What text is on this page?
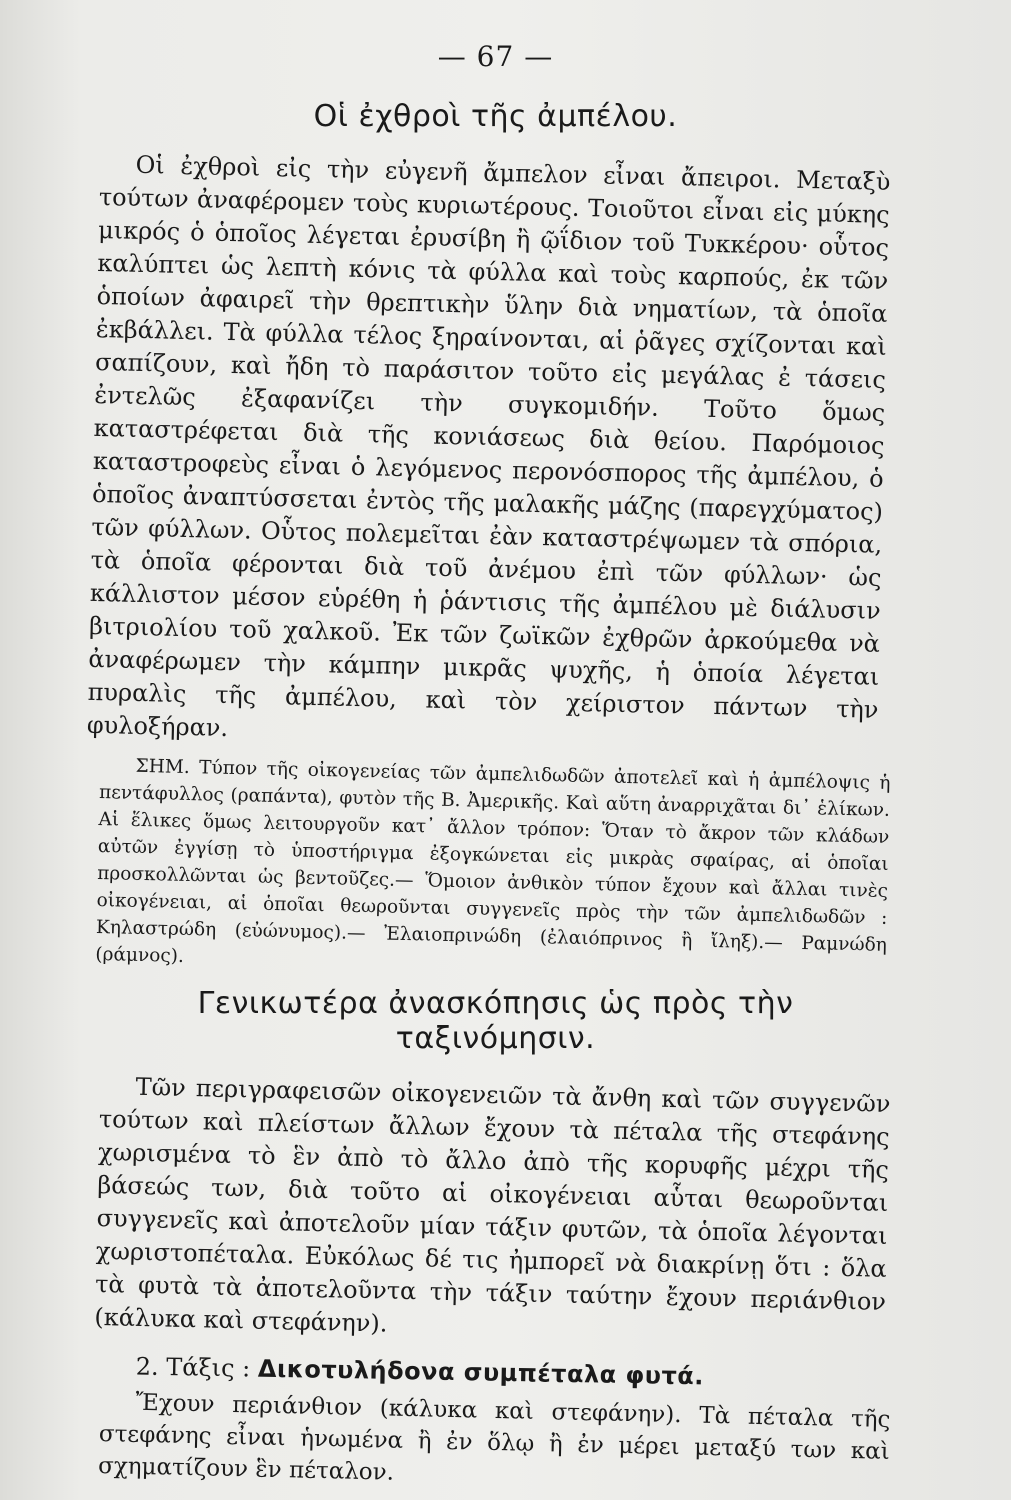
— 67 —
Οἱ ἐχθροὶ τῆς ἀμπέλου.

Οἱ ἐχθροὶ εἰς τὴν εὐγενῆ ἄμπελον εἶναι ἄπειροι. Μεταξὺ τούτων ἀναφέρομεν τοὺς κυριωτέρους. Τοιοῦτοι εἶναι εἰς μύκης μικρός ὁ ὁποῖος λέγεται ἐρυσίβη ἢ ῷΐδιον τοῦ Τυκκέρου· οὗτος καλύπτει ὡς λεπτὴ κόνις τὰ φύλλα καὶ τοὺς καρπούς, ἐκ τῶν ὁποίων ἀφαιρεῖ τὴν θρεπτικὴν ὕλην διὰ νηματίων, τὰ ὁποῖα ἐκβάλλει. Τὰ φύλλα τέλος ξηραίνονται, αἱ ῥᾶγες σχίζονται καὶ σαπίζουν, καὶ ἤδη τὸ παράσιτον τοῦτο εἰς μεγάλας ἐ τάσεις ἐντελῶς ἐξαφανίζει τὴν συγκομιδήν. Τοῦτο ὅμως καταστρέφεται διὰ τῆς κονιάσεως διὰ θείου. Παρόμοιος καταστροφεὺς εἶναι ὁ λεγόμενος περονόσπορος τῆς ἀμπέλου, ὁ ὁποῖος ἀναπτύσσεται ἐντὸς τῆς μαλακῆς μάζης (παρεγχύματος) τῶν φύλλων. Οὗτος πολεμεῖται ἐὰν καταστρέψωμεν τὰ σπόρια, τὰ ὁποῖα φέρονται διὰ τοῦ ἀνέμου ἐπὶ τῶν φύλλων· ὡς κάλλιστον μέσον εὑρέθη ἡ ῥάντισις τῆς ἀμπέλου μὲ διάλυσιν βιτριολίου τοῦ χαλκοῦ. Ἐκ τῶν ζωϊκῶν ἐχθρῶν ἀρκούμεθα νὰ ἀναφέρωμεν τὴν κάμπην μικρᾶς ψυχῆς, ἡ ὁποία λέγεται πυραλὶς τῆς ἀμπέλου, καὶ τὸν χείριστον πάντων τὴν φυλοξήραν.

ΣΗΜ. Τύπον τῆς οἰκογενείας τῶν ἀμπελιδωδῶν ἀποτελεῖ καὶ ἡ ἀμπέλοψις ἡ πεντάφυλλος (ραπάντα), φυτὸν τῆς Β. Ἀμερικῆς. Καὶ αὕτη ἀναρριχᾶται δι᾽ ἑλίκων. Αἱ ἕλικες ὅμως λειτουργοῦν κατ᾽ ἄλλον τρόπον: Ὅταν τὸ ἄκρον τῶν κλάδων αὐτῶν ἐγγίσῃ τὸ ὑποστήριγμα ἐξογκώνεται εἰς μικρὰς σφαίρας, αἱ ὁποῖαι προσκολλῶνται ὡς βεντοῦζες.— Ὅμοιον ἀνθικὸν τύπον ἔχουν καὶ ἄλλαι τινὲς οἰκογένειαι, αἱ ὁποῖαι θεωροῦνται συγγενεῖς πρὸς τὴν τῶν ἀμπελιδωδῶν : Κηλαστρώδη (εὐώνυμος).— Ἐλαιοπρινώδη (ἐλαιόπρινος ἢ ἴληξ).— Ραμνώδη (ράμνος).

Γενικωτέρα ἀνασκόπησις ὡς πρὸς τὴν ταξινόμησιν.

Τῶν περιγραφεισῶν οἰκογενειῶν τὰ ἄνθη καὶ τῶν συγγενῶν τούτων καὶ πλείστων ἄλλων ἔχουν τὰ πέταλα τῆς στεφάνης χωρισμένα τὸ ἓν ἀπὸ τὸ ἄλλο ἀπὸ τῆς κορυφῆς μέχρι τῆς βάσεώς των, διὰ τοῦτο αἱ οἰκογένειαι αὗται θεωροῦνται συγγενεῖς καὶ ἀποτελοῦν μίαν τάξιν φυτῶν, τὰ ὁποῖα λέγονται χωριστοπέταλα. Εὐκόλως δέ τις ἠμπορεῖ νὰ διακρίνῃ ὅτι : ὅλα τὰ φυτὰ τὰ ἀποτελοῦντα τὴν τάξιν ταύτην ἔχουν περιάνθιον (κάλυκα καὶ στεφάνην).

2. Τάξις : Δικοτυλήδονα συμπέταλα φυτά.

Ἔχουν περιάνθιον (κάλυκα καὶ στεφάνην). Τὰ πέταλα τῆς στεφάνης εἶναι ἡνωμένα ἢ ἐν ὅλῳ ἢ ἐν μέρει μεταξύ των καὶ σχηματίζουν ἓν πέταλον.
